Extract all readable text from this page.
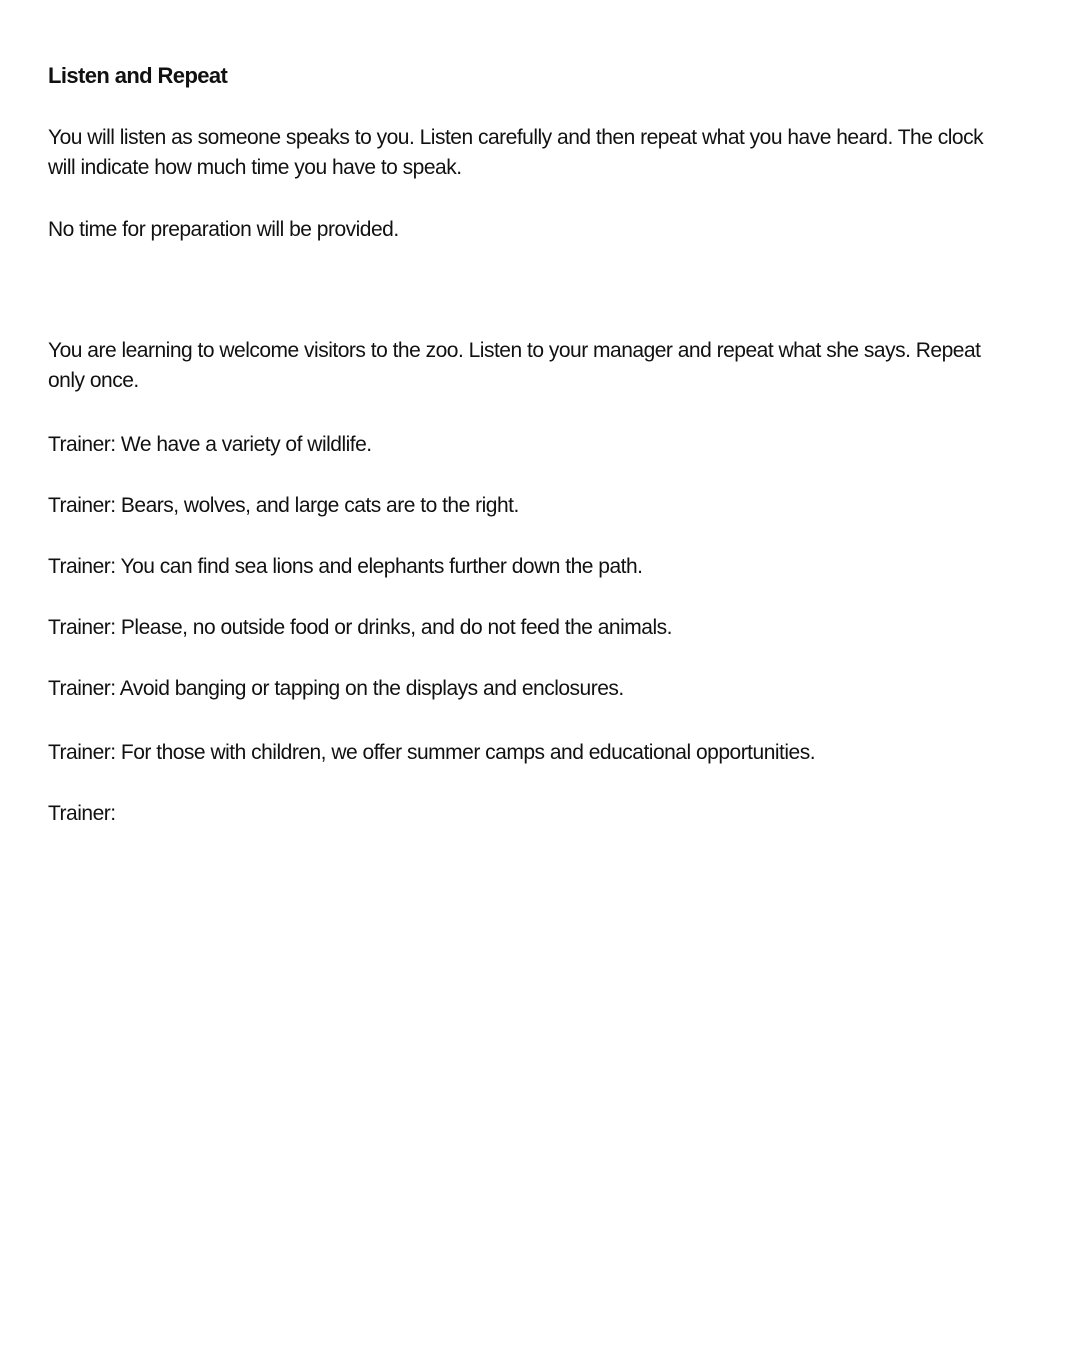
Listen and Repeat

You will listen as someone speaks to you. Listen carefully and then repeat what you have heard. The clock will indicate how much time you have to speak.

No time for preparation will be provided.

You are learning to welcome visitors to the zoo. Listen to your manager and repeat what she says. Repeat only once.

Trainer: We have a variety of wildlife.

Trainer: Bears, wolves, and large cats are to the right.

Trainer: You can find sea lions and elephants further down the path.

Trainer: Please, no outside food or drinks, and do not feed the animals.

Trainer: Avoid banging or tapping on the displays and enclosures.

Trainer: For those with children, we offer summer camps and educational opportunities.

Trainer:
